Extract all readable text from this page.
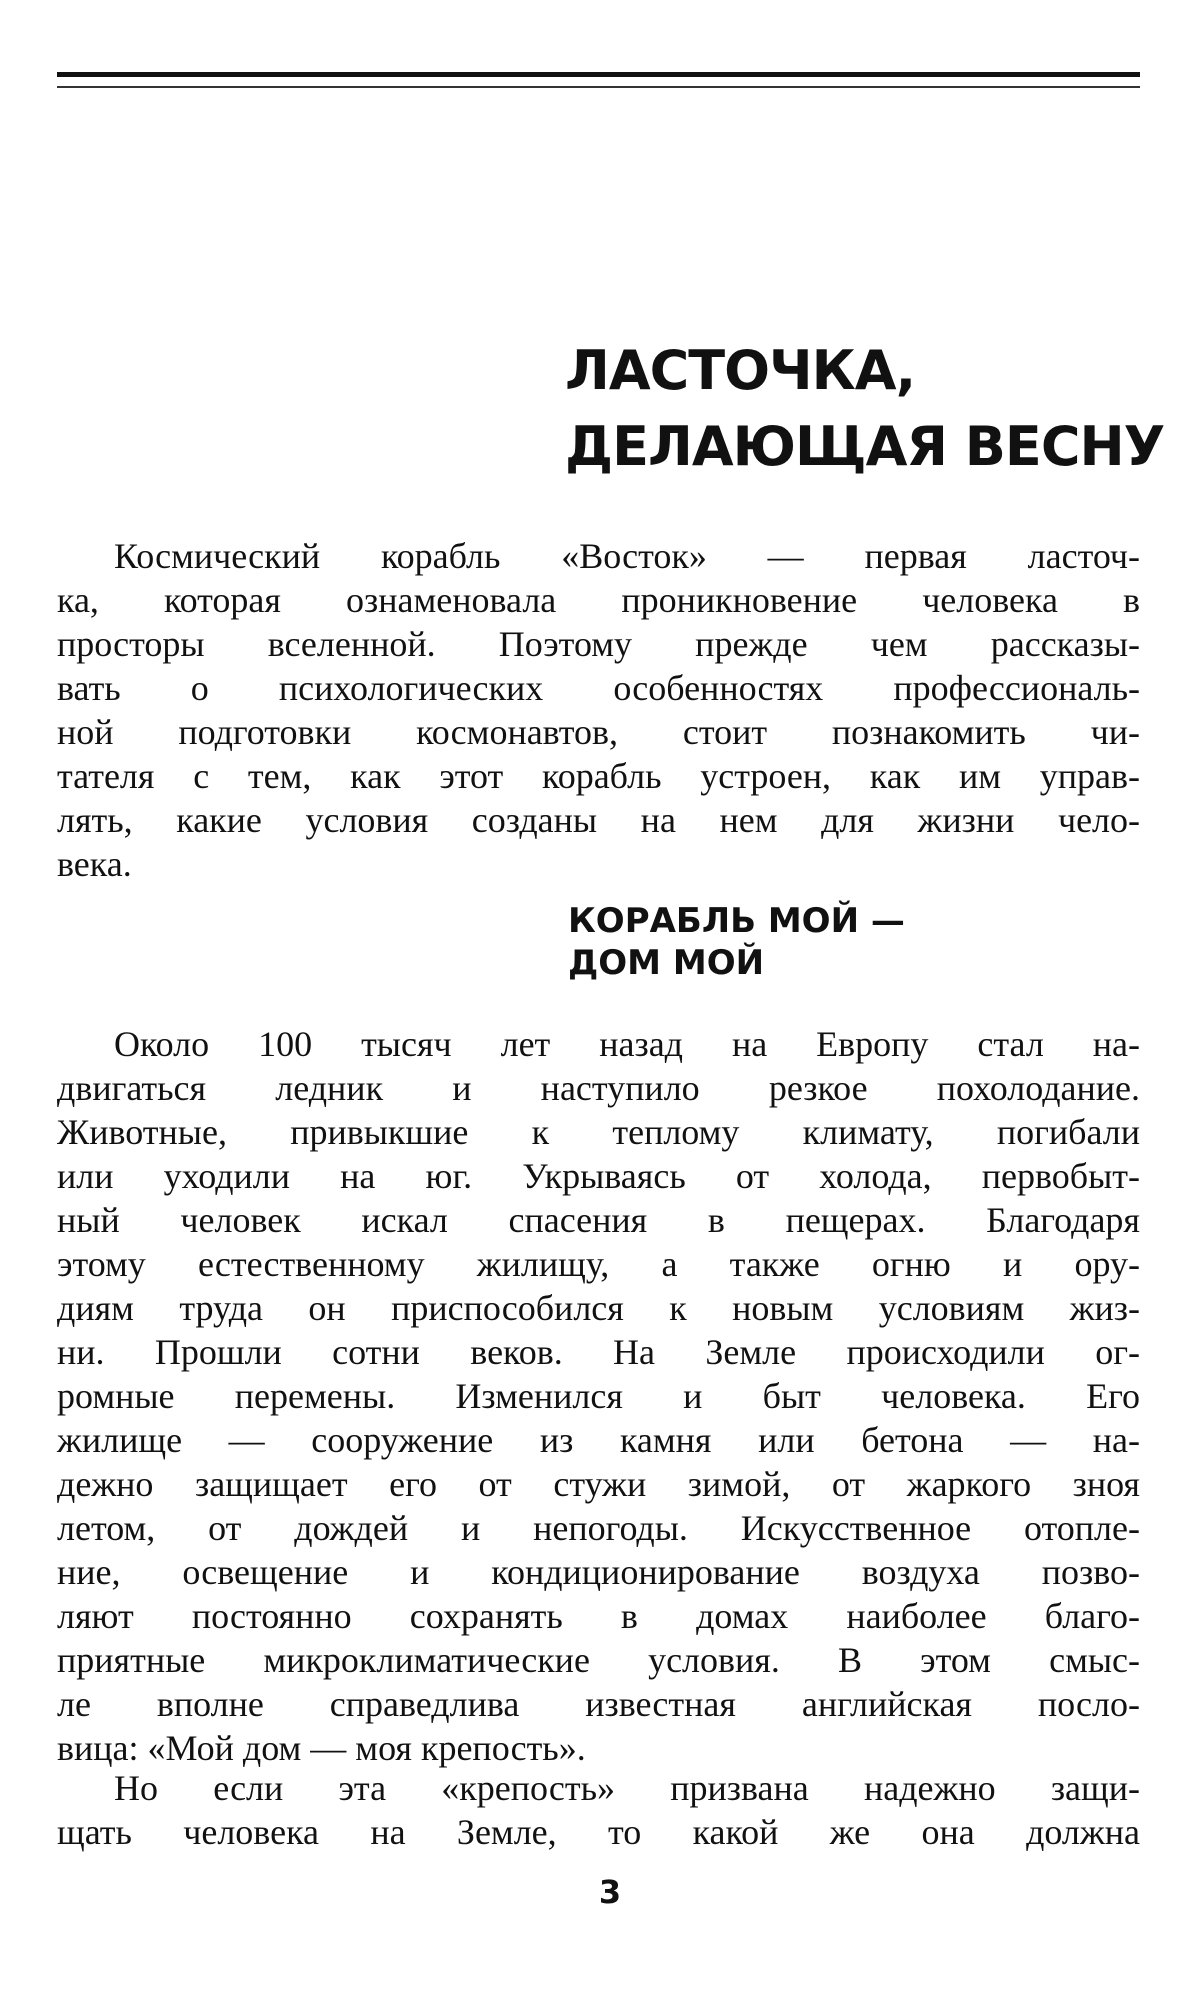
ЛАСТОЧКА,
ДЕЛАЮЩАЯ ВЕСНУ
Космический корабль «Восток» — первая ласточ-
ка, которая ознаменовала проникновение человека в
просторы вселенной. Поэтому прежде чем рассказы-
вать о психологических особенностях профессиональ-
ной подготовки космонавтов, стоит познакомить чи-
тателя с тем, как этот корабль устроен, как им управ-
лять, какие условия созданы на нем для жизни чело-
века.
КОРАБЛЬ МОЙ —
ДОМ МОЙ
Около 100 тысяч лет назад на Европу стал на-
двигаться ледник и наступило резкое похолодание.
Животные, привыкшие к теплому климату, погибали
или уходили на юг. Укрываясь от холода, первобыт-
ный человек искал спасения в пещерах. Благодаря
этому естественному жилищу, а также огню и ору-
диям труда он приспособился к новым условиям жиз-
ни. Прошли сотни веков. На Земле происходили ог-
ромные перемены. Изменился и быт человека. Его
жилище — сооружение из камня или бетона — на-
дежно защищает его от стужи зимой, от жаркого зноя
летом, от дождей и непогоды. Искусственное отопле-
ние, освещение и кондиционирование воздуха позво-
ляют постоянно сохранять в домах наиболее благо-
приятные микроклиматические условия. В этом смыс-
ле вполне справедлива известная английская посло-
вица: «Мой дом — моя крепость».
Но если эта «крепость» призвана надежно защи-
щать человека на Земле, то какой же она должна
3
